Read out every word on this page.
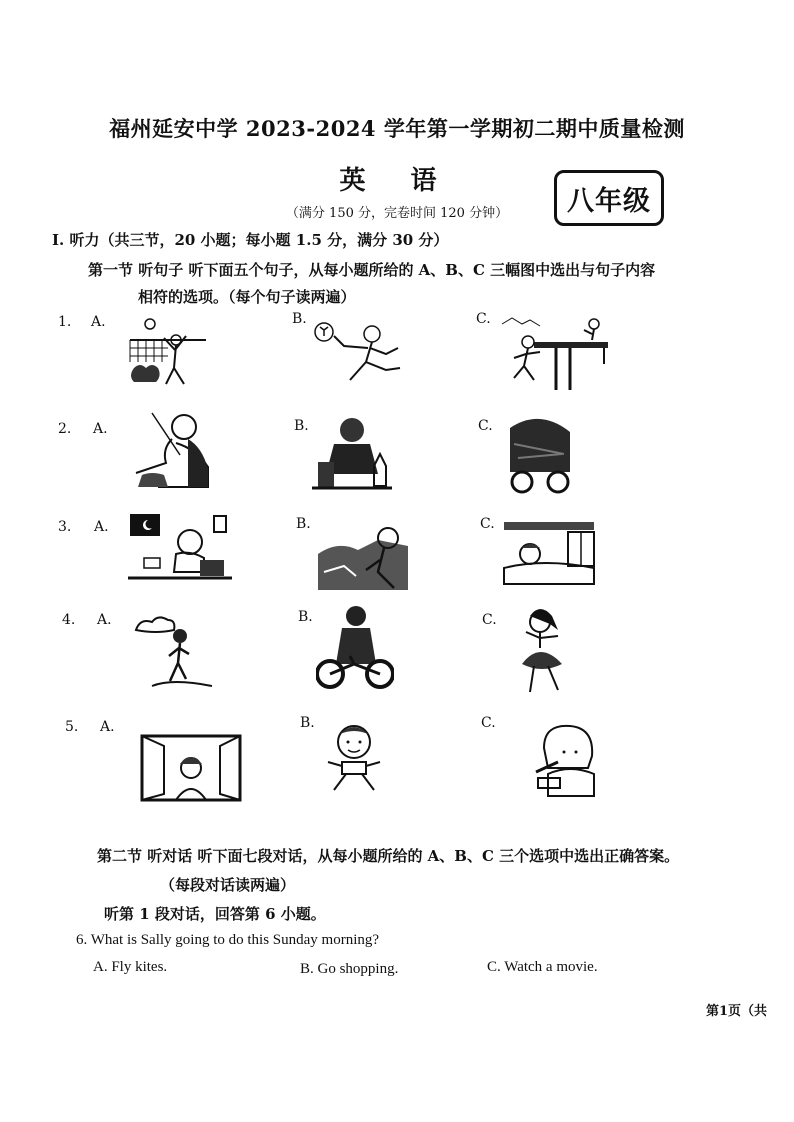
福州延安中学 2023-2024 学年第一学期初二期中质量检测
英 语
八年级
（满分 150 分，完卷时间 120 分钟）
I. 听力（共三节，20 小题；每小题 1.5 分，满分 30 分）
第一节 听句子 听下面五个句子，从每小题所给的 A、B、C 三幅图中选出与句子内容
相符的选项。（每个句子读两遍）
1. A.	B.	C.
2. A.	B.	C.
3. A.	B.	C.
4. A.	B.	C.
5. A.	B.	C.
第二节 听对话 听下面七段对话，从每小题所给的 A、B、C 三个选项中选出正确答案。
（每段对话读两遍）
听第 1 段对话，回答第 6 小题。
6. What is Sally going to do this Sunday morning?
A. Fly kites.	B. Go shopping.	C. Watch a movie.
第1页（共
